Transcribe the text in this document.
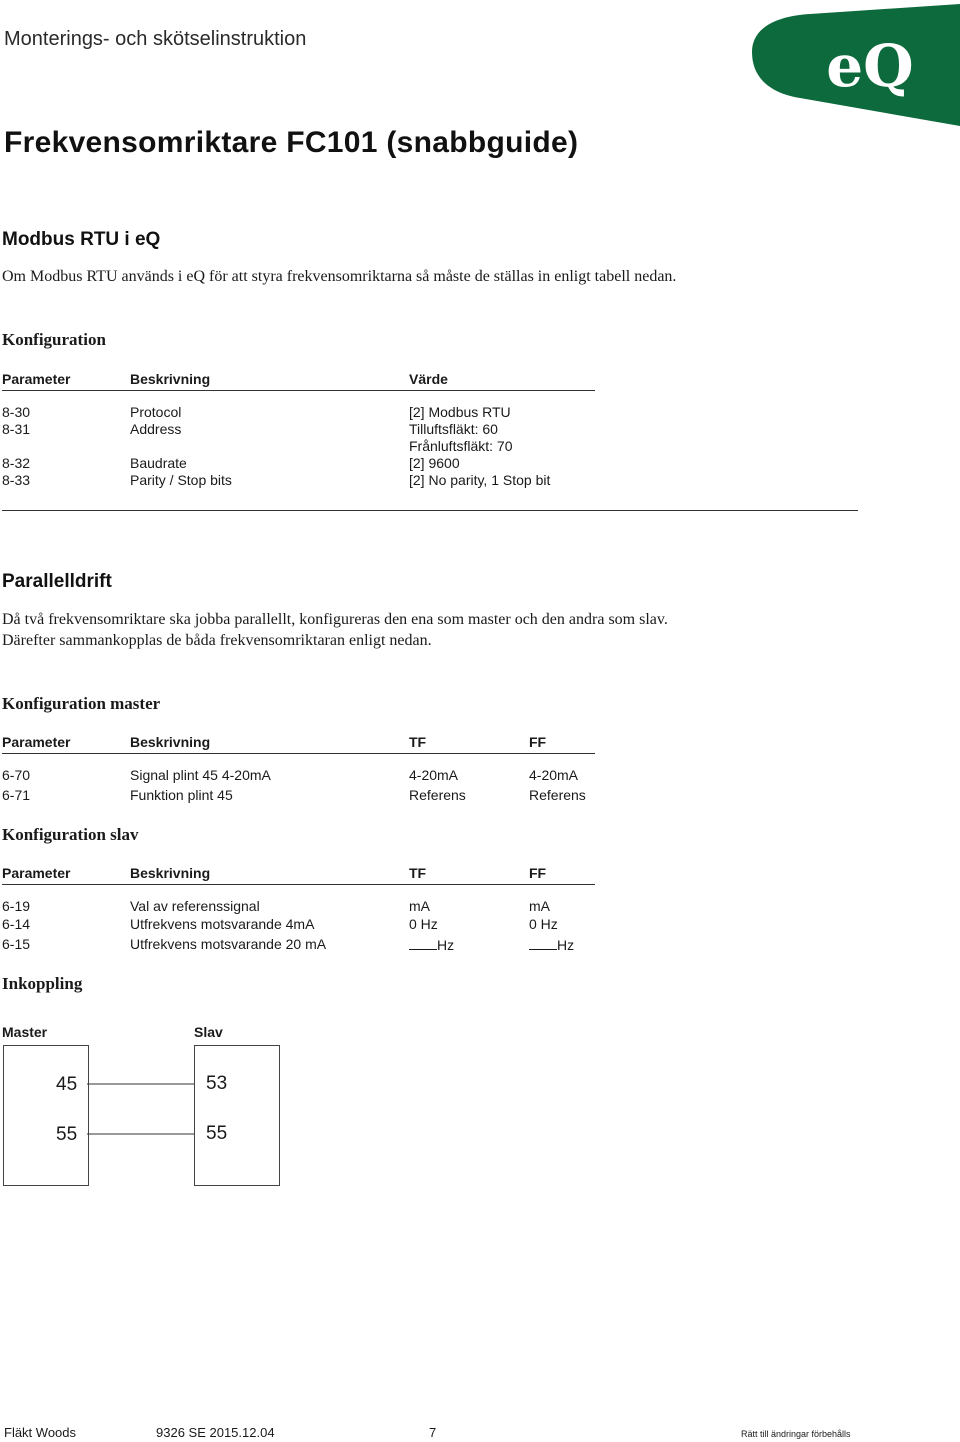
Monterings- och skötselinstruktion	eQ
Frekvensomriktare FC101 (snabbguide)
Modbus RTU i eQ
Om Modbus RTU används i eQ för att styra frekvensomriktarna så måste de ställas in enligt tabell nedan.
Konfiguration
Parameter	Beskrivning	Värde
8-30	Protocol	[2] Modbus RTU
8-31	Address	Tilluftsfläkt: 60
Frånluftsfläkt: 70
8-32	Baudrate	[2] 9600
8-33	Parity / Stop bits	[2] No parity, 1 Stop bit
Parallelldrift
Då två frekvensomriktare ska jobba parallellt, konfigureras den ena som master och den andra som slav.
Därefter sammankopplas de båda frekvensomriktaran enligt nedan.
Konfiguration master
Parameter	Beskrivning	TF	FF
6-70	Signal plint 45 4-20mA	4-20mA	4-20mA
6-71	Funktion plint 45	Referens	Referens
Konfiguration slav
Parameter	Beskrivning	TF	FF
6-19	Val av referenssignal	mA	mA
6-14	Utfrekvens motsvarande 4mA	0 Hz	0 Hz
6-15	Utfrekvens motsvarande 20 mA	Hz	Hz
Inkoppling
Master	Slav
45
55
53
55
Fläkt Woods	9326 SE 2015.12.04	7	Rätt till ändringar förbehålls
